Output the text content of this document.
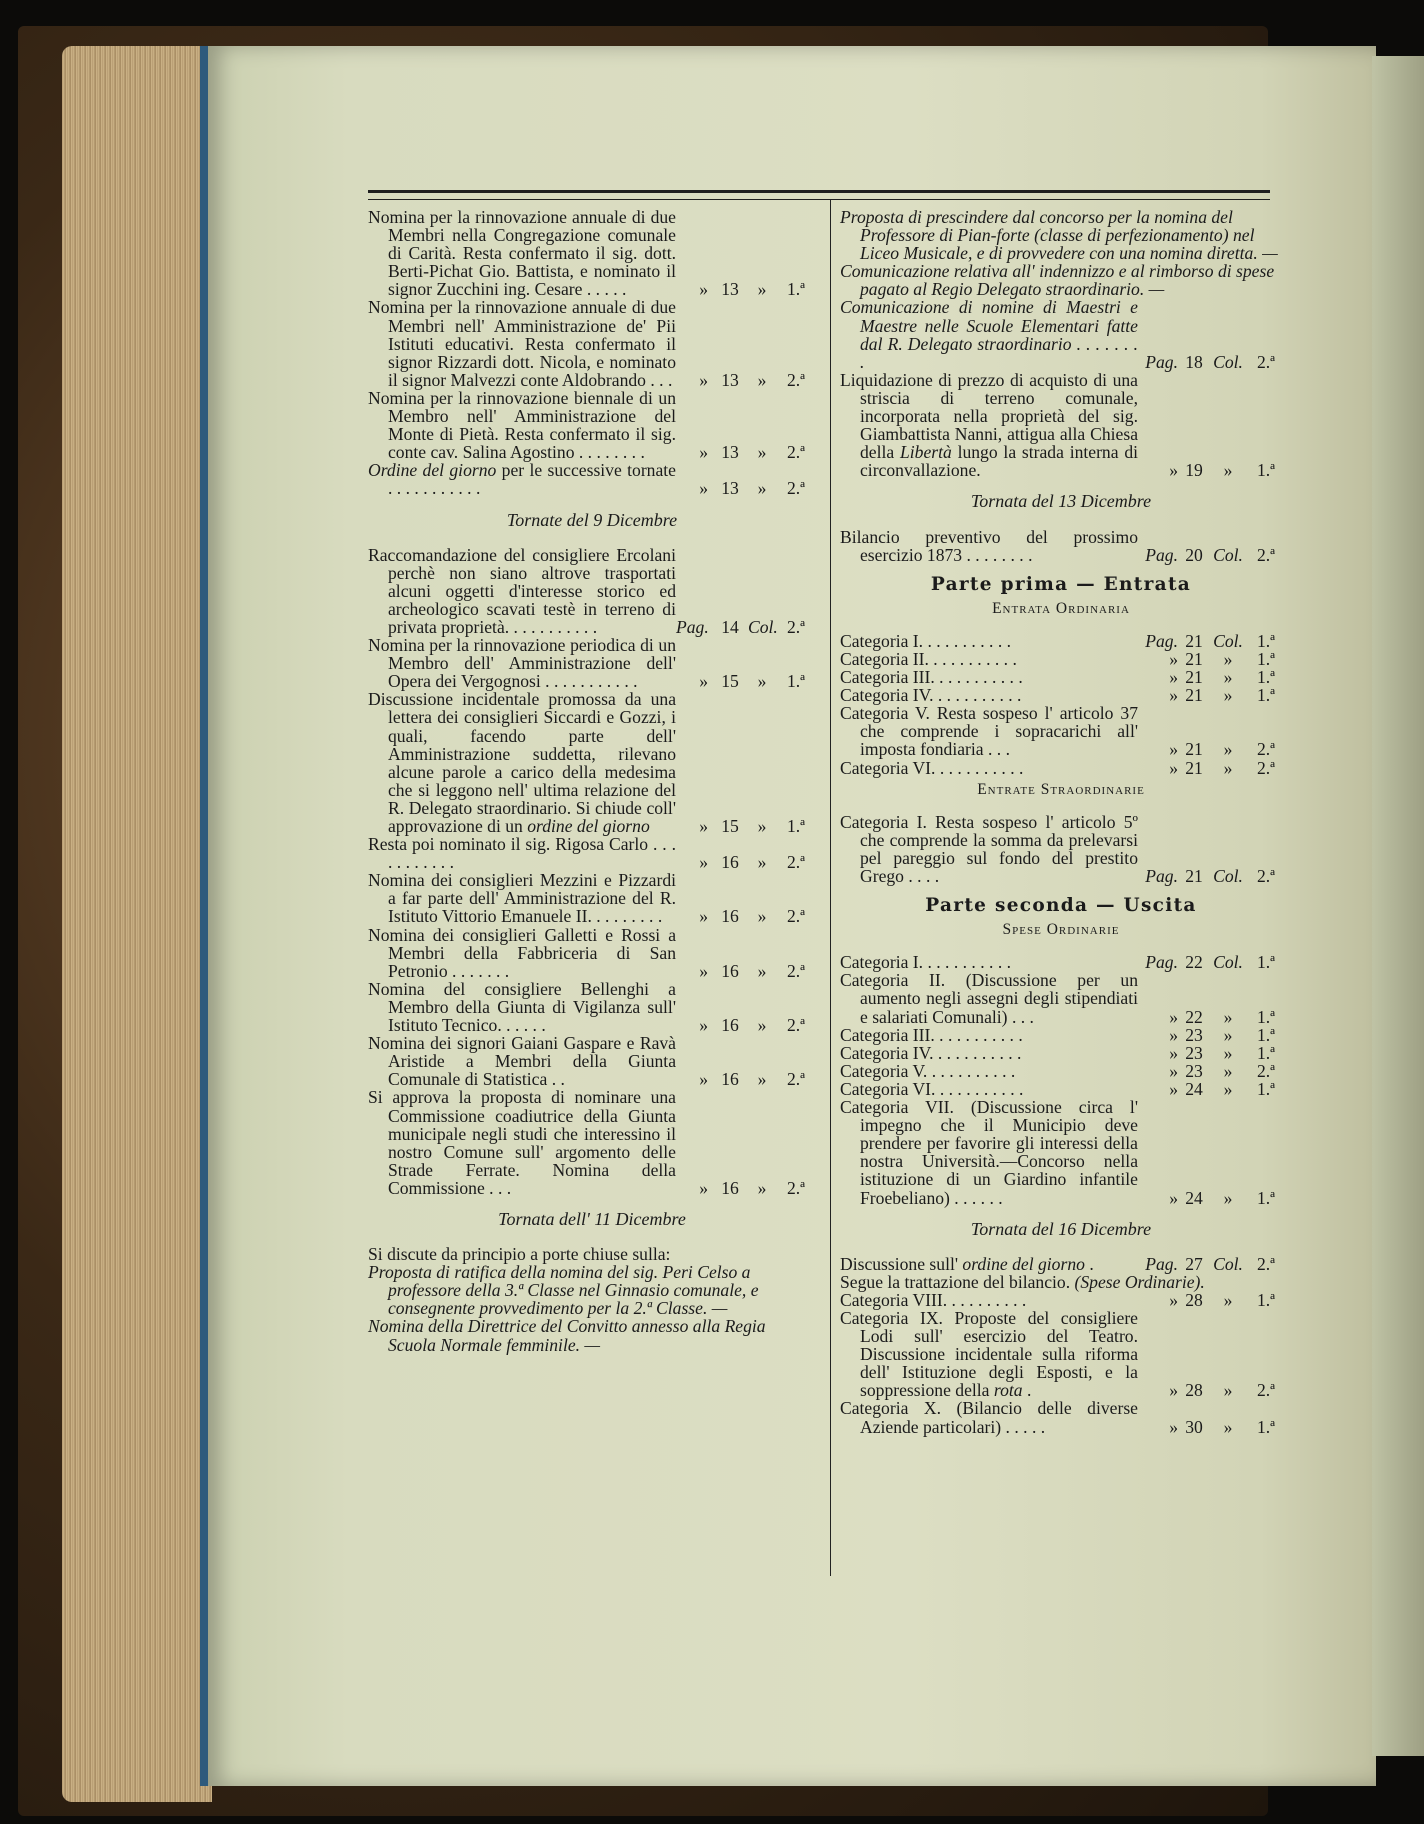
Nomina per la rinnovazione annuale di due Membri nella Congregazione comunale di Carità. Resta confermato il sig. dott. Berti-Pichat Gio. Battista, e nominato il signor Zucchini ing. Cesare . . . . .	» 13	»	1.ª
Nomina per la rinnovazione annuale di due Membri nell' Amministrazione de' Pii Istituti educativi. Resta confermato il signor Rizzardi dott. Nicola, e nominato il signor Malvezzi conte Aldobrando . . .	» 13	»	2.ª
Nomina per la rinnovazione biennale di un Membro nell' Amministrazione del Monte di Pietà. Resta confermato il sig. conte cav. Salina Agostino . . . . . . . .	» 13	»	2.ª
Ordine del giorno per le successive tornate . . . . . . . . . . .	» 13	»	2.ª
Tornate del 9 Dicembre
Raccomandazione del consigliere Ercolani perchè non siano altrove trasportati alcuni oggetti d'interesse storico ed archeologico scavati testè in terreno di privata proprietà. . . . . . . . . . .	Pag. 14 Col. 2.ª
Nomina per la rinnovazione periodica di un Membro dell' Amministrazione dell' Opera dei Vergognosi . . . . . . . . . . .	» 15	»	1.ª
Discussione incidentale promossa da una lettera dei consiglieri Siccardi e Gozzi, i quali, facendo parte dell' Amministrazione suddetta, rilevano alcune parole a carico della medesima che si leggono nell' ultima relazione del R. Delegato straordinario. Si chiude coll' approvazione di un ordine del giorno	» 15	»	1.ª
Resta poi nominato il sig. Rigosa Carlo . . . . . . . . . . .	» 16	»	2.ª
Nomina dei consiglieri Mezzini e Pizzardi a far parte dell' Amministrazione del R. Istituto Vittorio Emanuele II. . . . . . . . .	» 16	»	2.ª
Nomina dei consiglieri Galletti e Rossi a Membri della Fabbriceria di San Petronio . . . . . . .	» 16	»	2.ª
Nomina del consigliere Bellenghi a Membro della Giunta di Vigilanza sull' Istituto Tecnico. . . . . .	» 16	»	2.ª
Nomina dei signori Gaiani Gaspare e Ravà Aristide a Membri della Giunta Comunale di Statistica . .	» 16	»	2.ª
Si approva la proposta di nominare una Commissione coadiutrice della Giunta municipale negli studi che interessino il nostro Comune sull' argomento delle Strade Ferrate. Nomina della Commissione . . .	» 16	»	2.ª
Tornata dell' 11 Dicembre
Si discute da principio a porte chiuse sulla:
Proposta di ratifica della nomina del sig. Peri Celso a professore della 3.ª Classe nel Ginnasio comunale, e consegnente provvedimento per la 2.ª Classe. —
Nomina della Direttrice del Convitto annesso alla Regia Scuola Normale femminile. —
Proposta di prescindere dal concorso per la nomina del Professore di Pian-forte (classe di perfezionamento) nel Liceo Musicale, e di provvedere con una nomina diretta. —
Comunicazione relativa all' indennizzo e al rimborso di spese pagato al Regio Delegato straordinario. —
Comunicazione di nomine di Maestri e Maestre nelle Scuole Elementari fatte dal R. Delegato straordinario . . . . . . . .	Pag. 18 Col. 2.ª
Liquidazione di prezzo di acquisto di una striscia di terreno comunale, incorporata nella proprietà del sig. Giambattista Nanni, attigua alla Chiesa della Libertà lungo la strada interna di circonvallazione.	» 19	»	1.ª
Tornata del 13 Dicembre
Bilancio preventivo del prossimo esercizio 1873 . . . . . . . .	Pag. 20 Col. 2.ª
Parte prima — Entrata
Entrata Ordinaria
Categoria I. . . . . . . . . . .	Pag. 21 Col. 1.ª
Categoria II. . . . . . . . . . .	» 21	»	1.ª
Categoria III. . . . . . . . . . .	» 21	»	1.ª
Categoria IV. . . . . . . . . . .	» 21	»	1.ª
Categoria V. Resta sospeso l' articolo 37 che comprende i sopracarichi all' imposta fondiaria . . .	» 21	»	2.ª
Categoria VI. . . . . . . . . . .	» 21	»	2.ª
Entrate Straordinarie
Categoria I. Resta sospeso l' articolo 5º che comprende la somma da prelevarsi pel pareggio sul fondo del prestito Grego . . . .	Pag. 21 Col. 2.ª
Parte seconda — Uscita
Spese Ordinarie
Categoria I. . . . . . . . . . .	Pag. 22 Col. 1.ª
Categoria II. (Discussione per un aumento negli assegni degli stipendiati e salariati Comunali) . . .	» 22	»	1.ª
Categoria III. . . . . . . . . . .	» 23	»	1.ª
Categoria IV. . . . . . . . . . .	» 23	»	1.ª
Categoria V. . . . . . . . . . .	» 23	»	2.ª
Categoria VI. . . . . . . . . . .	» 24	»	1.ª
Categoria VII. (Discussione circa l' impegno che il Municipio deve prendere per favorire gli interessi della nostra Università.—Concorso nella istituzione di un Giardino infantile Froebeliano) . . . . . .	» 24	»	1.ª
Tornata del 16 Dicembre
Discussione sull' ordine del giorno .	Pag. 27 Col. 2.ª
Segue la trattazione del bilancio. (Spese Ordinarie).
Categoria VIII. . . . . . . . . .	» 28	»	1.ª
Categoria IX. Proposte del consigliere Lodi sull' esercizio del Teatro. Discussione incidentale sulla riforma dell' Istituzione degli Esposti, e la soppressione della rota .	» 28	»	2.ª
Categoria X. (Bilancio delle diverse Aziende particolari) . . . . .	» 30	»	1.ª
